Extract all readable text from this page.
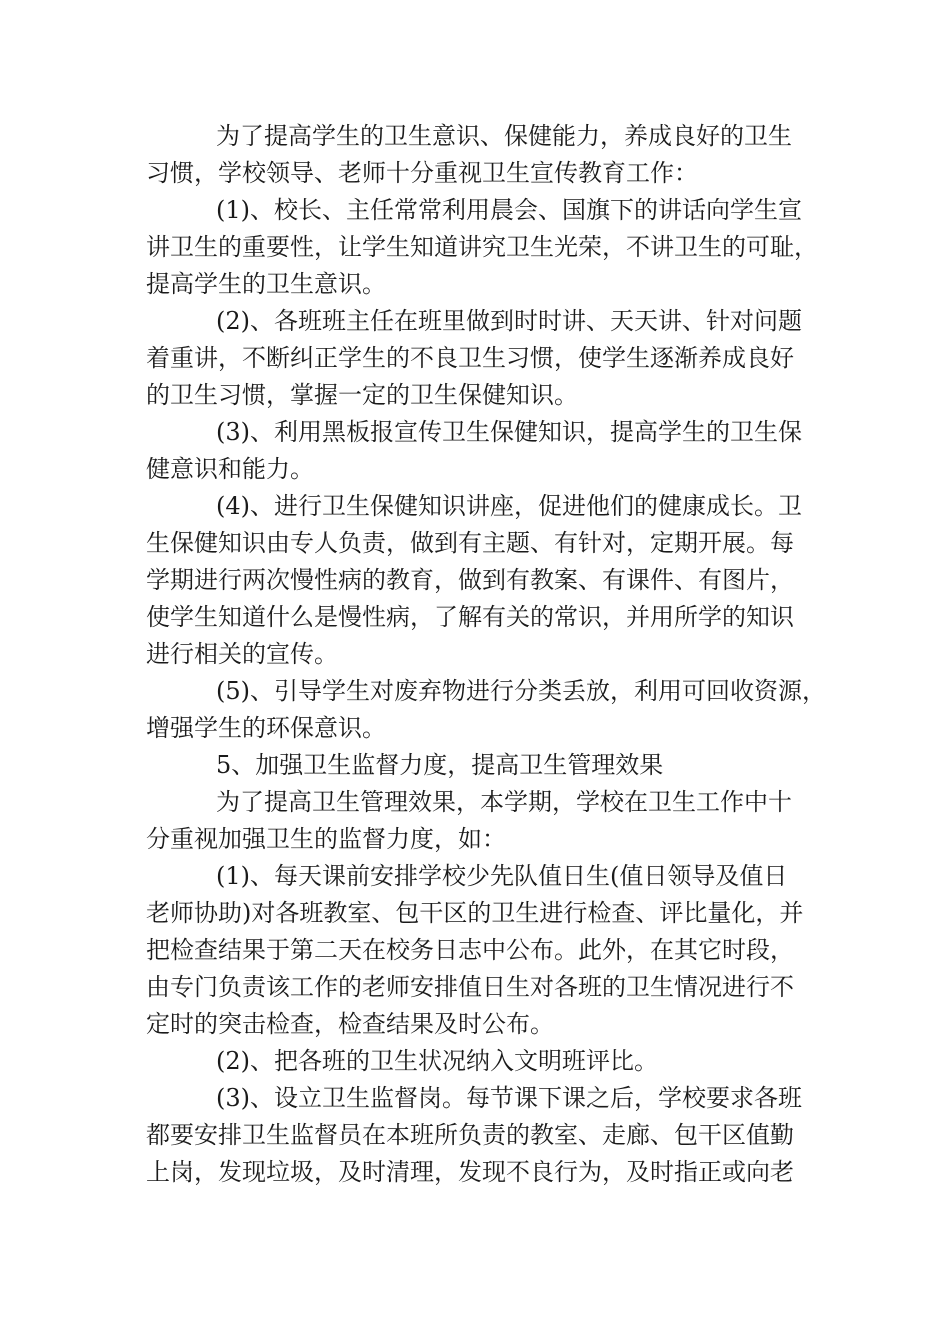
为了提高学生的卫生意识、保健能力，养成良好的卫生
习惯，学校领导、老师十分重视卫生宣传教育工作：
(1)、校长、主任常常利用晨会、国旗下的讲话向学生宣
讲卫生的重要性，让学生知道讲究卫生光荣，不讲卫生的可耻，
提高学生的卫生意识。
(2)、各班班主任在班里做到时时讲、天天讲、针对问题
着重讲，不断纠正学生的不良卫生习惯，使学生逐渐养成良好
的卫生习惯，掌握一定的卫生保健知识。
(3)、利用黑板报宣传卫生保健知识，提高学生的卫生保
健意识和能力。
(4)、进行卫生保健知识讲座，促进他们的健康成长。卫
生保健知识由专人负责，做到有主题、有针对，定期开展。每
学期进行两次慢性病的教育，做到有教案、有课件、有图片，
使学生知道什么是慢性病，了解有关的常识，并用所学的知识
进行相关的宣传。
(5)、引导学生对废弃物进行分类丢放，利用可回收资源，
增强学生的环保意识。
5、加强卫生监督力度，提高卫生管理效果
为了提高卫生管理效果，本学期，学校在卫生工作中十
分重视加强卫生的监督力度，如：
(1)、每天课前安排学校少先队值日生(值日领导及值日
老师协助)对各班教室、包干区的卫生进行检查、评比量化，并
把检查结果于第二天在校务日志中公布。此外，在其它时段，
由专门负责该工作的老师安排值日生对各班的卫生情况进行不
定时的突击检查，检查结果及时公布。
(2)、把各班的卫生状况纳入文明班评比。
(3)、设立卫生监督岗。每节课下课之后，学校要求各班
都要安排卫生监督员在本班所负责的教室、走廊、包干区值勤
上岗，发现垃圾，及时清理，发现不良行为，及时指正或向老
